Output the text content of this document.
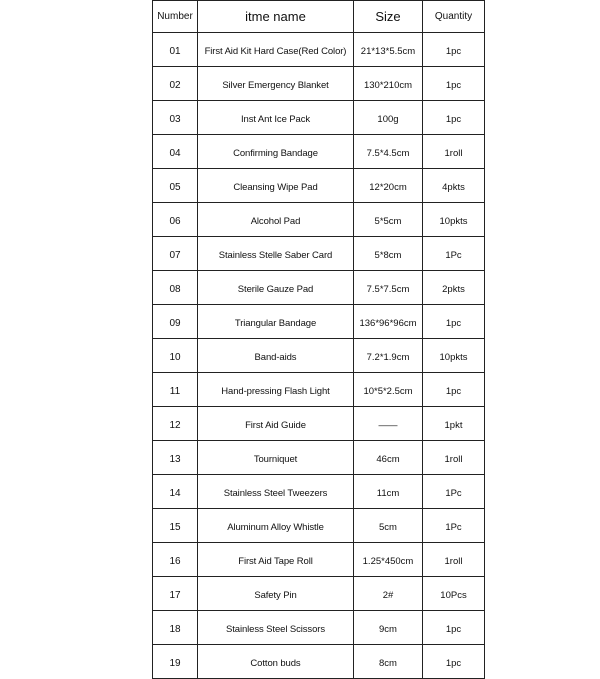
Number	itme name	Size	Quantity
01	First Aid Kit Hard Case(Red Color)	21*13*5.5cm	1pc
02	Silver Emergency Blanket	130*210cm	1pc
03	Inst Ant Ice Pack	100g	1pc
04	Confirming Bandage	7.5*4.5cm	1roll
05	Cleansing Wipe Pad	12*20cm	4pkts
06	Alcohol Pad	5*5cm	10pkts
07	Stainless Stelle Saber Card	5*8cm	1Pc
08	Sterile Gauze Pad	7.5*7.5cm	2pkts
09	Triangular Bandage	136*96*96cm	1pc
10	Band-aids	7.2*1.9cm	10pkts
11	Hand-pressing Flash Light	10*5*2.5cm	1pc
12	First Aid Guide	——	1pkt
13	Tourniquet	46cm	1roll
14	Stainless Steel Tweezers	11cm	1Pc
15	Aluminum Alloy Whistle	5cm	1Pc
16	First Aid Tape Roll	1.25*450cm	1roll
17	Safety Pin	2#	10Pcs
18	Stainless Steel Scissors	9cm	1pc
19	Cotton buds	8cm	1pc
